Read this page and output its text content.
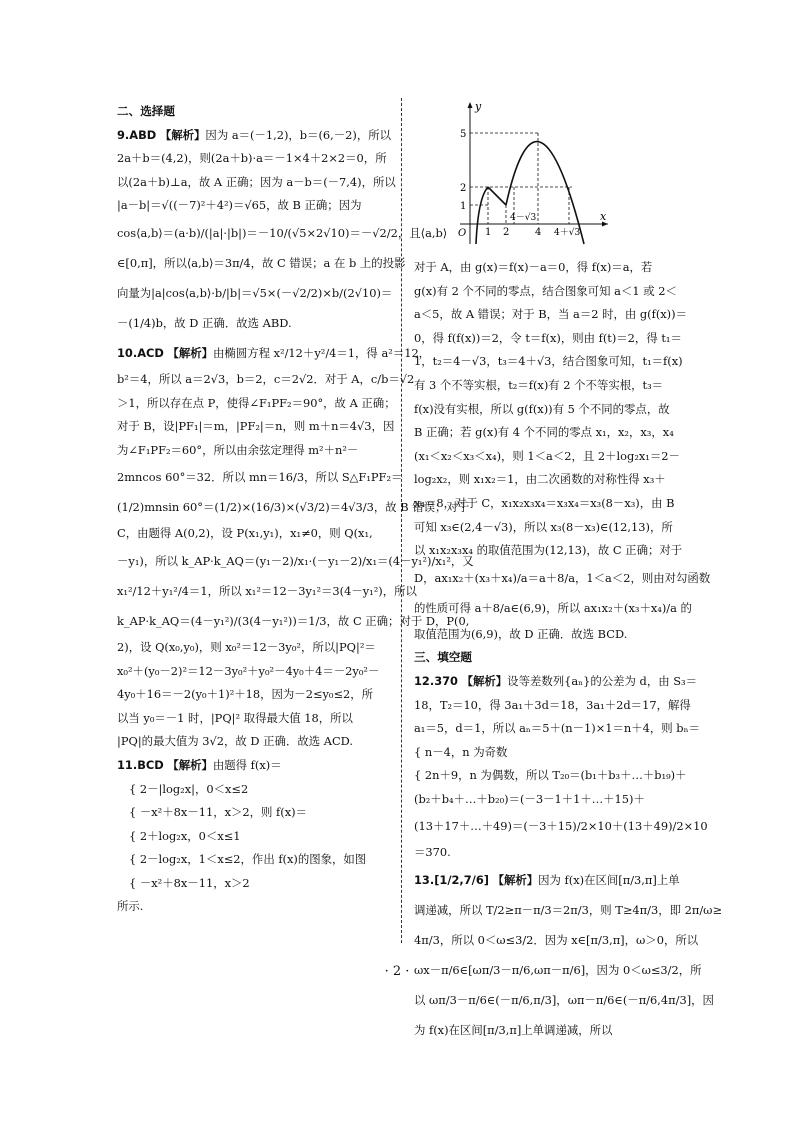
二、选择题
9.ABD 【解析】因为 a＝(－1,2)，b＝(6,－2)，所以
2a＋b＝(4,2)，则(2a＋b)·a＝－1×4＋2×2＝0，所
以(2a＋b)⊥a，故 A 正确；因为 a－b＝(－7,4)，所以
|a－b|＝√((－7)²＋4²)＝√65，故 B 正确；因为
cos⟨a,b⟩＝(a·b)/(|a|·|b|)＝－10/(√5×2√10)＝－√2/2，且⟨a,b⟩
∈[0,π]，所以⟨a,b⟩＝3π/4，故 C 错误；a 在 b 上的投影
向量为|a|cos⟨a,b⟩·b/|b|＝√5×(－√2/2)×b/(2√10)＝
－(1/4)b，故 D 正确．故选 ABD.
10.ACD 【解析】由椭圆方程 x²/12＋y²/4＝1，得 a²＝12，
b²＝4，所以 a＝2√3，b＝2，c＝2√2．对于 A，c/b＝√2
＞1，所以存在点 P，使得∠F₁PF₂＝90°，故 A 正确；
对于 B，设|PF₁|＝m，|PF₂|＝n，则 m＋n＝4√3，因
为∠F₁PF₂＝60°，所以由余弦定理得 m²＋n²－
2mncos 60°＝32．所以 mn＝16/3，所以 S△F₁PF₂＝
(1/2)mnsin 60°＝(1/2)×(16/3)×(√3/2)＝4√3/3，故 B 错误；对于
C，由题得 A(0,2)，设 P(x₁,y₁)，x₁≠0，则 Q(x₁,
－y₁)，所以 k_AP·k_AQ＝(y₁－2)/x₁·(－y₁－2)/x₁＝(4－y₁²)/x₁²，又
x₁²/12＋y₁²/4＝1，所以 x₁²＝12－3y₁²＝3(4－y₁²)，所以
k_AP·k_AQ＝(4－y₁²)/(3(4－y₁²))＝1/3，故 C 正确；对于 D，P(0,
2)，设 Q(x₀,y₀)，则 x₀²＝12－3y₀²，所以|PQ|²＝
x₀²＋(y₀－2)²＝12－3y₀²＋y₀²－4y₀＋4＝－2y₀²－
4y₀＋16＝－2(y₀＋1)²＋18，因为－2≤y₀≤2，所
以当 y₀＝－1 时，|PQ|² 取得最大值 18，所以
|PQ|的最大值为 3√2，故 D 正确．故选 ACD.
11.BCD 【解析】由题得 f(x)＝
{ 2－|log₂x|，0＜x≤2
{ －x²＋8x－11，x＞2，则 f(x)＝
{ 2＋log₂x，0＜x≤1
{ 2－log₂x，1＜x≤2，作出 f(x)的图象，如图
{ －x²＋8x－11，x＞2
所示.
y
x
O
5
2
1
1 2	4
4－√3
4＋√3
对于 A，由 g(x)＝f(x)－a＝0，得 f(x)＝a，若
g(x)有 2 个不同的零点，结合图象可知 a＜1 或 2＜
a＜5，故 A 错误；对于 B，当 a＝2 时，由 g(f(x))＝
0，得 f(f(x))＝2，令 t＝f(x)，则由 f(t)＝2，得 t₁＝
1，t₂＝4－√3，t₃＝4＋√3，结合图象可知，t₁＝f(x)
有 3 个不等实根，t₂＝f(x)有 2 个不等实根，t₃＝
f(x)没有实根，所以 g(f(x))有 5 个不同的零点，故
B 正确；若 g(x)有 4 个不同的零点 x₁，x₂，x₃，x₄
(x₁＜x₂＜x₃＜x₄)，则 1＜a＜2，且 2＋log₂x₁＝2－
log₂x₂，则 x₁x₂＝1，由二次函数的对称性得 x₃＋
x₄＝8，对于 C，x₁x₂x₃x₄＝x₃x₄＝x₃(8－x₃)，由 B
可知 x₃∈(2,4－√3)，所以 x₃(8－x₃)∈(12,13)，所
以 x₁x₂x₃x₄ 的取值范围为(12,13)，故 C 正确；对于
D，ax₁x₂＋(x₃＋x₄)/a＝a＋8/a，1＜a＜2，则由对勾函数
的性质可得 a＋8/a∈(6,9)，所以 ax₁x₂＋(x₃＋x₄)/a 的
取值范围为(6,9)，故 D 正确．故选 BCD.
三、填空题
12.370 【解析】设等差数列{aₙ}的公差为 d，由 S₃＝
18，T₂＝10，得 3a₁＋3d＝18，3a₁＋2d＝17，解得
a₁＝5，d＝1，所以 aₙ＝5＋(n－1)×1＝n＋4，则 bₙ＝
{ n－4，n 为奇数
{ 2n＋9，n 为偶数，所以 T₂₀＝(b₁＋b₃＋…＋b₁₉)＋
(b₂＋b₄＋…＋b₂₀)＝(－3－1＋1＋…＋15)＋
(13＋17＋…＋49)＝(－3＋15)/2×10＋(13＋49)/2×10
＝370.
13.[1/2,7/6] 【解析】因为 f(x)在区间[π/3,π]上单
调递减，所以 T/2≥π－π/3＝2π/3，则 T≥4π/3，即 2π/ω≥
4π/3，所以 0＜ω≤3/2．因为 x∈[π/3,π]，ω＞0，所以
ωx－π/6∈[ωπ/3－π/6,ωπ－π/6]，因为 0＜ω≤3/2，所
以 ωπ/3－π/6∈(－π/6,π/3]，ωπ－π/6∈(－π/6,4π/3]，因
为 f(x)在区间[π/3,π]上单调递减，所以
· 2 ·
